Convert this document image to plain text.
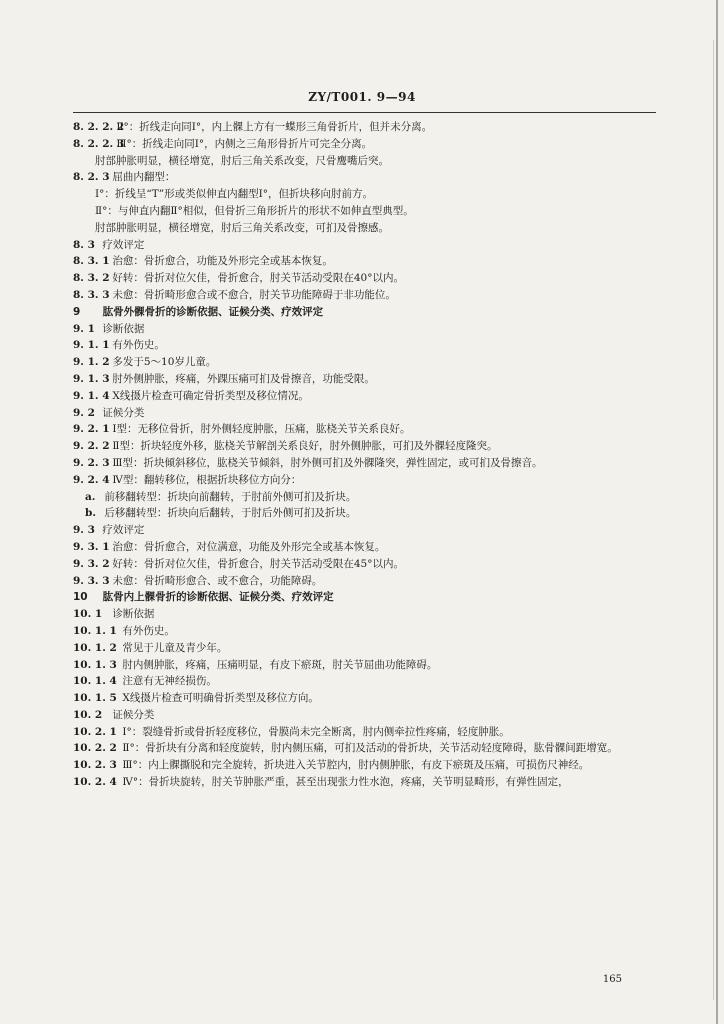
ZY/T001. 9—94
8. 2. 2. 2 Ⅱ°：折线走向同Ⅰ°，内上髁上方有一蝶形三角骨折片，但并未分离。
8. 2. 2. 3 Ⅲ°：折线走向同Ⅰ°，内侧之三角形骨折片可完全分离。
肘部肿胀明显，横径增宽，肘后三角关系改变，尺骨鹰嘴后突。
8. 2. 3 屈曲内翻型：
Ⅰ°：折线呈“T”形或类似伸直内翻型Ⅰ°，但折块移向肘前方。
Ⅱ°：与伸直内翻Ⅱ°相似，但骨折三角形折片的形状不如伸直型典型。
肘部肿胀明显，横径增宽，肘后三角关系改变，可扪及骨擦感。
8. 3 疗效评定
8. 3. 1 治愈：骨折愈合，功能及外形完全或基本恢复。
8. 3. 2 好转：骨折对位欠佳，骨折愈合，肘关节活动受限在40°以内。
8. 3. 3 未愈：骨折畸形愈合或不愈合，肘关节功能障碍于非功能位。
9 肱骨外髁骨折的诊断依据、证候分类、疗效评定
9. 1 诊断依据
9. 1. 1 有外伤史。
9. 1. 2 多发于5～10岁儿童。
9. 1. 3 肘外侧肿胀，疼痛，外踝压痛可扪及骨擦音，功能受限。
9. 1. 4 X线摄片检查可确定骨折类型及移位情况。
9. 2 证候分类
9. 2. 1 Ⅰ型：无移位骨折，肘外侧轻度肿胀，压痛，肱桡关节关系良好。
9. 2. 2 Ⅱ型：折块轻度外移，肱桡关节解剖关系良好，肘外侧肿胀，可扪及外髁轻度隆突。
9. 2. 3 Ⅲ型：折块倾斜移位，肱桡关节倾斜，肘外侧可扪及外髁隆突，弹性固定，或可扪及骨擦音。
9. 2. 4 Ⅳ型：翻转移位，根据折块移位方向分：
a. 前移翻转型：折块向前翻转，于肘前外侧可扪及折块。
b. 后移翻转型：折块向后翻转，于肘后外侧可扪及折块。
9. 3 疗效评定
9. 3. 1 治愈：骨折愈合，对位满意，功能及外形完全或基本恢复。
9. 3. 2 好转：骨折对位欠佳，骨折愈合，肘关节活动受限在45°以内。
9. 3. 3 未愈：骨折畸形愈合、或不愈合，功能障碍。
10 肱骨内上髁骨折的诊断依据、证候分类、疗效评定
10. 1 诊断依据
10. 1. 1 有外伤史。
10. 1. 2 常见于儿童及青少年。
10. 1. 3 肘内侧肿胀，疼痛，压痛明显，有皮下瘀斑，肘关节屈曲功能障碍。
10. 1. 4 注意有无神经损伤。
10. 1. 5 X线摄片检查可明确骨折类型及移位方向。
10. 2 证候分类
10. 2. 1 Ⅰ°：裂缝骨折或骨折轻度移位，骨膜尚未完全断离，肘内侧牵拉性疼痛，轻度肿胀。
10. 2. 2 Ⅱ°：骨折块有分离和轻度旋转，肘内侧压痛，可扪及活动的骨折块，关节活动轻度障碍，肱骨髁间距增宽。
10. 2. 3 Ⅲ°：内上髁撕脱和完全旋转，折块进入关节腔内，肘内侧肿胀，有皮下瘀斑及压痛，可损伤尺神经。
10. 2. 4 Ⅳ°：骨折块旋转，肘关节肿胀严重，甚至出现张力性水泡，疼痛，关节明显畸形，有弹性固定，
165
